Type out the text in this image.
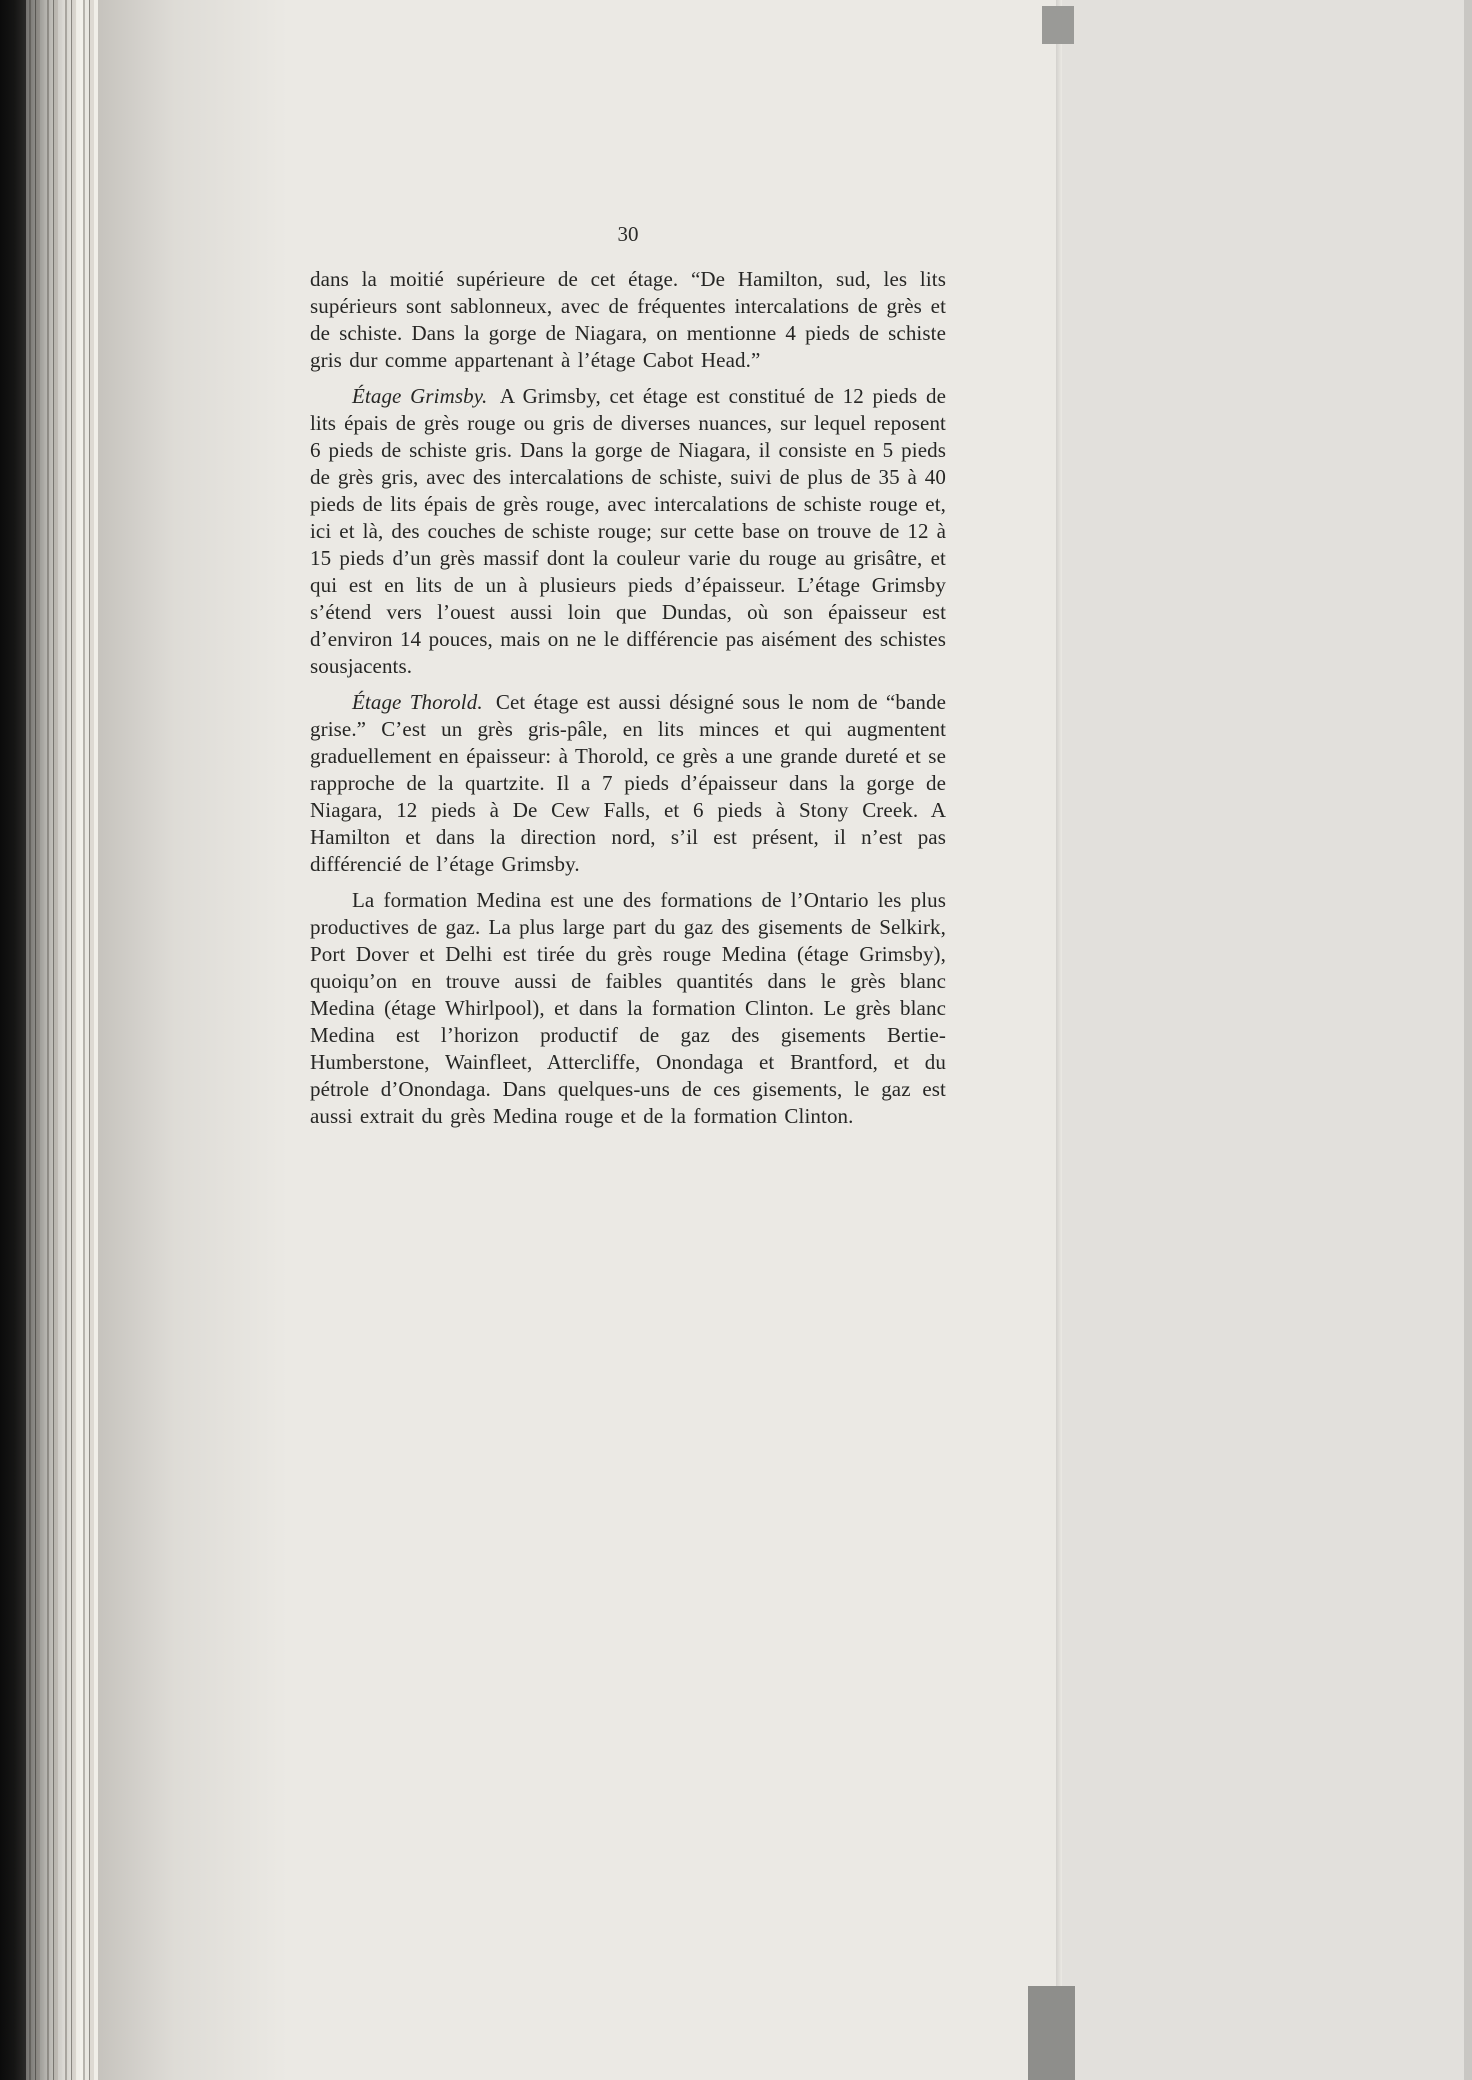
30

dans la moitié supérieure de cet étage. “De Hamilton, sud, les lits supérieurs sont sablonneux, avec de fréquentes intercalations de grès et de schiste. Dans la gorge de Niagara, on mentionne 4 pieds de schiste gris dur comme appartenant à l’étage Cabot Head.”

Étage Grimsby. A Grimsby, cet étage est constitué de 12 pieds de lits épais de grès rouge ou gris de diverses nuances, sur lequel reposent 6 pieds de schiste gris. Dans la gorge de Niagara, il consiste en 5 pieds de grès gris, avec des intercalations de schiste, suivi de plus de 35 à 40 pieds de lits épais de grès rouge, avec intercalations de schiste rouge et, ici et là, des couches de schiste rouge; sur cette base on trouve de 12 à 15 pieds d’un grès massif dont la couleur varie du rouge au grisâtre, et qui est en lits de un à plusieurs pieds d’épaisseur. L’étage Grimsby s’étend vers l’ouest aussi loin que Dundas, où son épaisseur est d’environ 14 pouces, mais on ne le différencie pas aisément des schistes sousjacents.

Étage Thorold. Cet étage est aussi désigné sous le nom de “bande grise.” C’est un grès gris-pâle, en lits minces et qui augmentent graduellement en épaisseur: à Thorold, ce grès a une grande dureté et se rapproche de la quartzite. Il a 7 pieds d’épaisseur dans la gorge de Niagara, 12 pieds à De Cew Falls, et 6 pieds à Stony Creek. A Hamilton et dans la direction nord, s’il est présent, il n’est pas différencié de l’étage Grimsby.

La formation Medina est une des formations de l’Ontario les plus productives de gaz. La plus large part du gaz des gisements de Selkirk, Port Dover et Delhi est tirée du grès rouge Medina (étage Grimsby), quoiqu’on en trouve aussi de faibles quantités dans le grès blanc Medina (étage Whirlpool), et dans la formation Clinton. Le grès blanc Medina est l’horizon productif de gaz des gisements Bertie-Humberstone, Wainfleet, Attercliffe, Onondaga et Brantford, et du pétrole d’Onondaga. Dans quelques-uns de ces gisements, le gaz est aussi extrait du grès Medina rouge et de la formation Clinton.
